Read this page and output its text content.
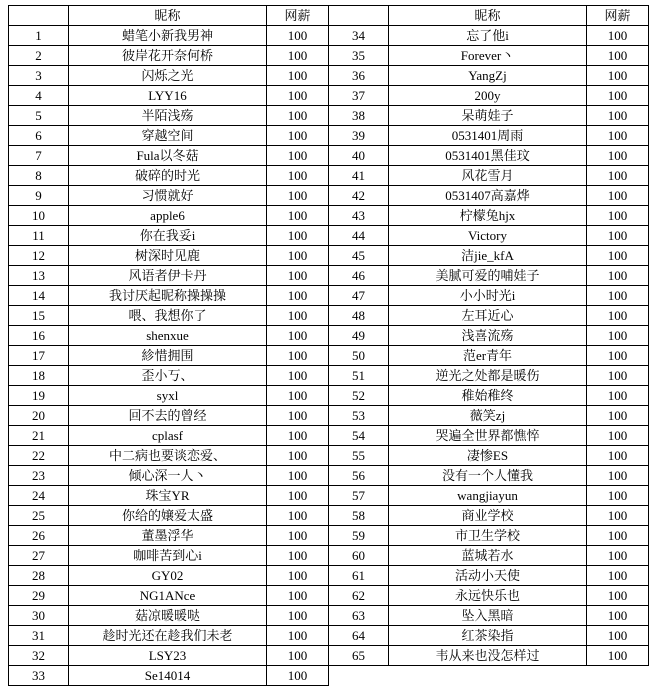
	昵称	网薪		昵称	网薪
1	蜡笔小新我男神	100	34	忘了他i	100
2	彼岸花开奈何桥	100	35	Forever丶	100
3	闪烁之光	100	36	YangZj	100
4	LYY16	100	37	200y	100
5	半陌浅殇	100	38	呆萌娃子	100
6	穿越空间	100	39	0531401周雨	100
7	Fula以冬菇	100	40	0531401黑佳玟	100
8	破碎的时光	100	41	风花雪月	100
9	习惯就好	100	42	0531407高嘉烨	100
10	apple6	100	43	柠檬兔hjx	100
11	你在我妥i	100	44	Victory	100
12	树深时见鹿	100	45	洁jie_kfA	100
13	风语者伊卡丹	100	46	美腻可爱的哺娃子	100
14	我讨厌起昵称操操操	100	47	小小时光i	100
15	喂、我想你了	100	48	左耳近心	100
16	shenxue	100	49	浅喜流殇	100
17	紾惜拥围	100	50	范er青年	100
18	歪小丂、	100	51	逆光之处都是暖伤	100
19	syxl	100	52	稚始稚终	100
20	回不去的曾经	100	53	薇笑zj	100
21	cplasf	100	54	哭遍全世界都憔悴	100
22	中二病也要谈恋爱、	100	55	凄惨ES	100
23	倾心深一人丶	100	56	没有一个人懂我	100
24	珠宝YR	100	57	wangjiayun	100
25	你给的嬢爱太盛	100	58	商业学校	100
26	董墨浮华	100	59	市卫生学校	100
27	咖啡苦到心i	100	60	蓝城若水	100
28	GY02	100	61	活动小天使	100
29	NG1ANce	100	62	永远快乐也	100
30	菇凉暖暖哒	100	63	坠入黑暗	100
31	趁时光还在趁我们未老	100	64	红茶染指	100
32	LSY23	100	65	韦从来也没怎样过	100
33	Se14014	100			
